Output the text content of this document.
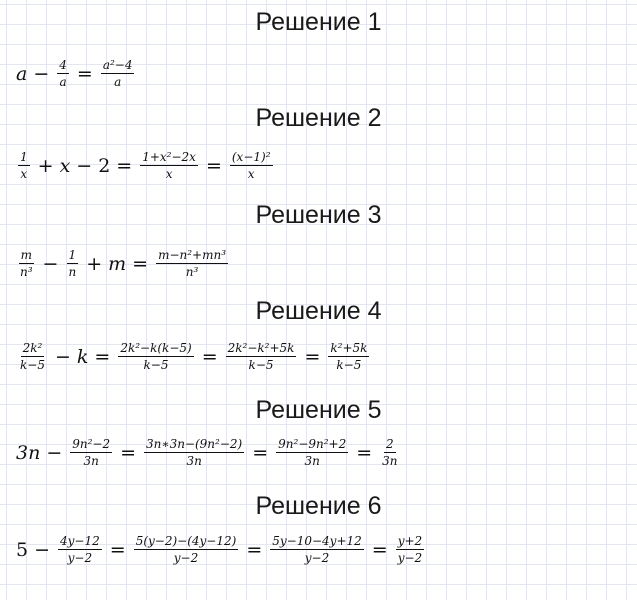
Решение 1
$a - \frac{4}{a} = \frac{\text{a²−4}}{a}$
Решение 2
$\frac{1}{x} + x - 2 = \frac{\text{1+x²−2x}}{x} = \frac{\text{(x−1)²}}{x}$
Решение 3
$\frac{m}{\text{n³}} - \frac{1}{n} + m = \frac{\text{m−n²+mn³}}{\text{n³}}$
Решение 4
$\frac{\text{2k²}}{k-5} - k = \frac{\text{2k²−k(k−5)}}{k-5} = \frac{\text{2k²−k²+5k}}{k-5} = \frac{\text{k²+5k}}{k-5}$
Решение 5
$3n - \frac{\text{9n²−2}}{3n} = \frac{\text{3n∗3n−(9n²−2)}}{3n} = \frac{\text{9n²−9n²+2}}{3n} = \frac{2}{3n}$
Решение 6
$5 - \frac{4y-12}{y-2} = \frac{5(y-2)-(4y-12)}{y-2} = \frac{5y-10-4y+12}{y-2} = \frac{y+2}{y-2}$
